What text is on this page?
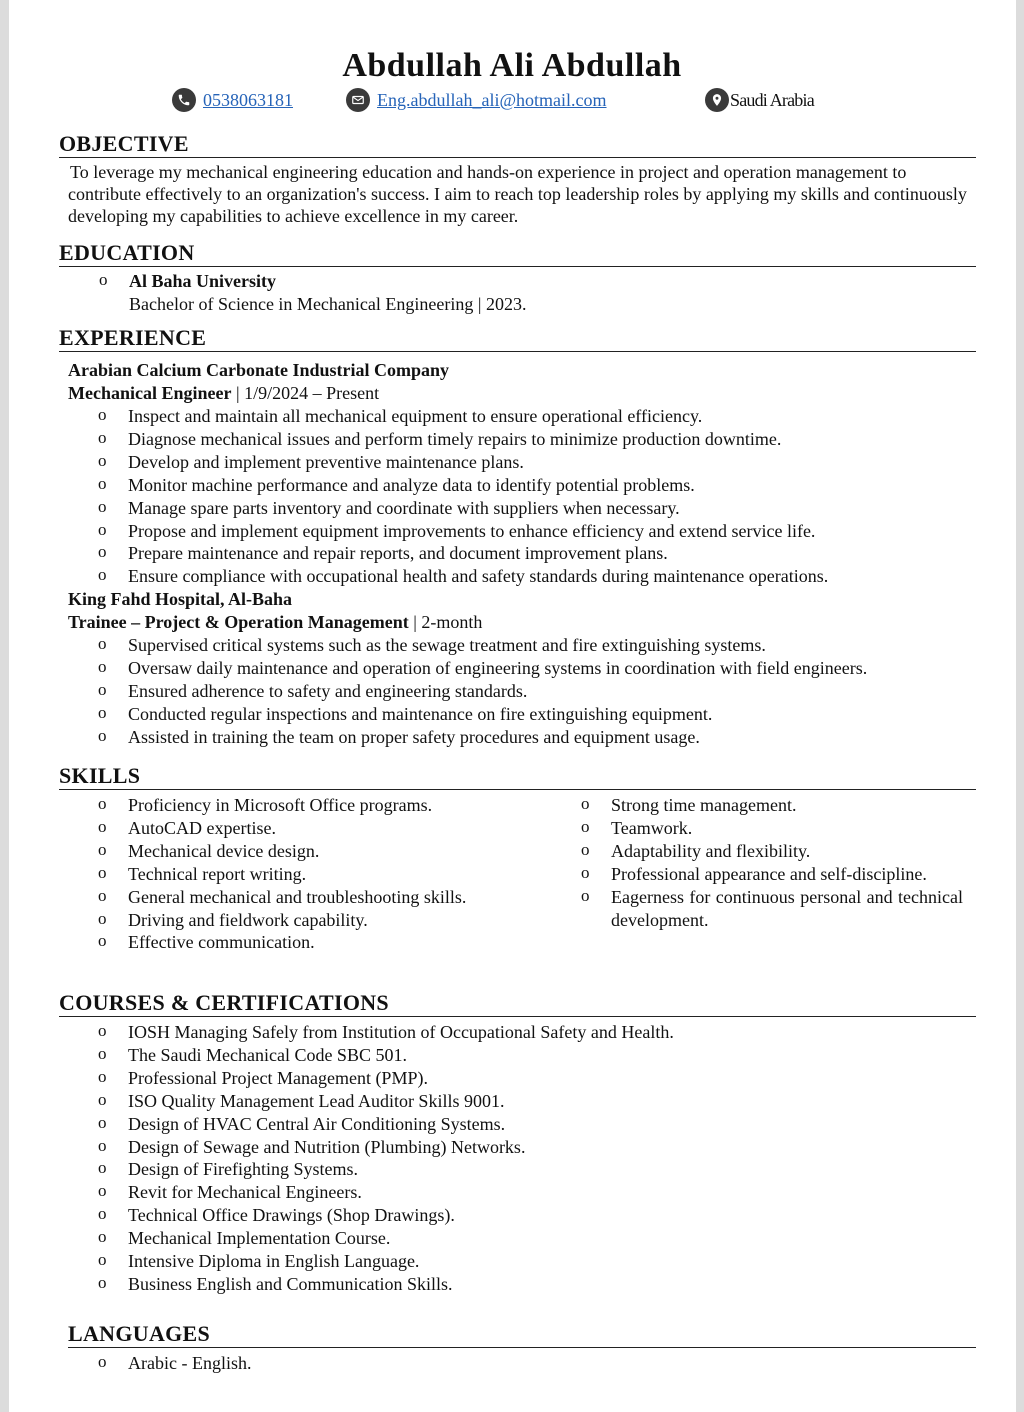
Abdullah Ali Abdullah
0538063181	Eng.abdullah_ali@hotmail.com	Saudi Arabia
OBJECTIVE

To leverage my mechanical engineering education and hands-on experience in project and operation management to contribute effectively to an organization's success. I aim to reach top leadership roles by applying my skills and continuously developing my capabilities to achieve excellence in my career.

EDUCATION
o Al Baha University
Bachelor of Science in Mechanical Engineering | 2023.
EXPERIENCE

Arabian Calcium Carbonate Industrial Company

Mechanical Engineer | 1/9/2024 – Present

o Inspect and maintain all mechanical equipment to ensure operational efficiency.
o Diagnose mechanical issues and perform timely repairs to minimize production downtime.
o Develop and implement preventive maintenance plans.
o Monitor machine performance and analyze data to identify potential problems.
o Manage spare parts inventory and coordinate with suppliers when necessary.
o Propose and implement equipment improvements to enhance efficiency and extend service life.
o Prepare maintenance and repair reports, and document improvement plans.
o Ensure compliance with occupational health and safety standards during maintenance operations.

King Fahd Hospital, Al-Baha

Trainee – Project & Operation Management | 2-month

o Supervised critical systems such as the sewage treatment and fire extinguishing systems.
o Oversaw daily maintenance and operation of engineering systems in coordination with field engineers.
o Ensured adherence to safety and engineering standards.
o Conducted regular inspections and maintenance on fire extinguishing equipment.
o Assisted in training the team on proper safety procedures and equipment usage.
SKILLS
o Proficiency in Microsoft Office programs.
o AutoCAD expertise.
o Mechanical device design.
o Technical report writing.
o General mechanical and troubleshooting skills.
o Driving and fieldwork capability.
o Effective communication.
o Strong time management.
o Teamwork.
o Adaptability and flexibility.
o Professional appearance and self-discipline.
o Eagerness for continuous personal and technical development.
COURSES & CERTIFICATIONS
o IOSH Managing Safely from Institution of Occupational Safety and Health.
o The Saudi Mechanical Code SBC 501.
o Professional Project Management (PMP).
o ISO Quality Management Lead Auditor Skills 9001.
o Design of HVAC Central Air Conditioning Systems.
o Design of Sewage and Nutrition (Plumbing) Networks.
o Design of Firefighting Systems.
o Revit for Mechanical Engineers.
o Technical Office Drawings (Shop Drawings).
o Mechanical Implementation Course.
o Intensive Diploma in English Language.
o Business English and Communication Skills.
LANGUAGES
o Arabic - English.
